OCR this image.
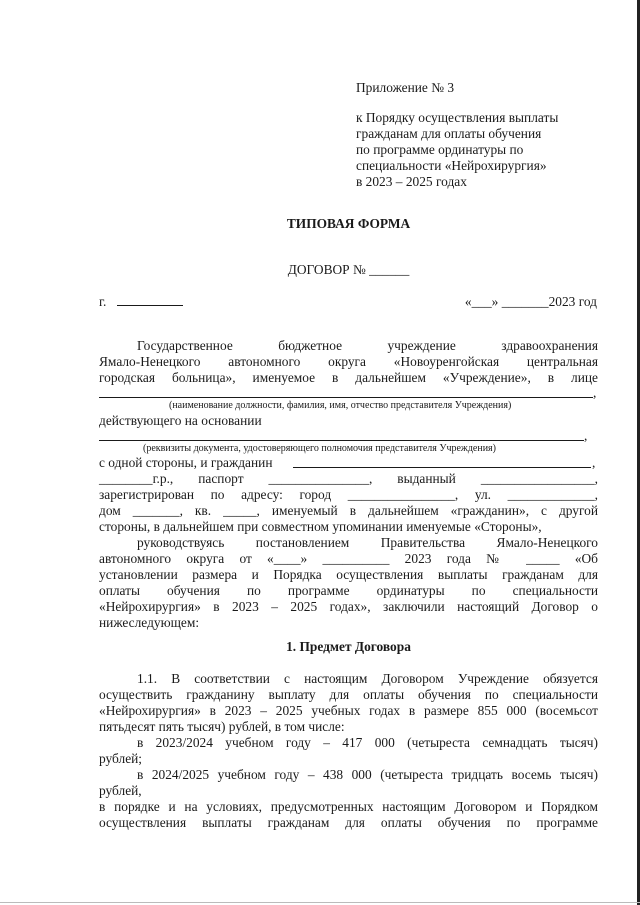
Приложение № 3
к Порядку осуществления выплаты
гражданам для оплаты обучения
по программе ординатуры по
специальности «Нейрохирургия»
в 2023 – 2025 годах
ТИПОВАЯ ФОРМА
ДОГОВОР № ______
г.	«___» _______2023 год
Государственное бюджетное учреждение здравоохранения
Ямало-Ненецкого автономного округа «Новоуренгойская центральная
городская больница», именуемое в дальнейшем «Учреждение», в лице
,
(наименование должности, фамилия, имя, отчество представителя Учреждения)
действующего на основании
,
(реквизиты документа, удостоверяющего полномочия представителя Учреждения)
с одной стороны, и гражданин	,
________г.р., паспорт _______________, выданный _________________,
зарегистрирован по адресу: город ________________, ул. _____________,
дом _______, кв. _____, именуемый в дальнейшем «гражданин», с другой
стороны, в дальнейшем при совместном упоминании именуемые «Стороны»,
руководствуясь постановлением Правительства Ямало-Ненецкого
автономного округа от «____» __________ 2023 года № _____ «Об
установлении размера и Порядка осуществления выплаты гражданам для
оплаты обучения по программе ординатуры по специальности
«Нейрохирургия» в 2023 – 2025 годах», заключили настоящий Договор о
нижеследующем:
1. Предмет Договора
1.1. В соответствии с настоящим Договором Учреждение обязуется
осуществить гражданину выплату для оплаты обучения по специальности
«Нейрохирургия» в 2023 – 2025 учебных годах в размере 855 000 (восемьсот
пятьдесят пять тысяч) рублей, в том числе:
в 2023/2024 учебном году – 417 000 (четыреста семнадцать тысяч)
рублей;
в 2024/2025 учебном году – 438 000 (четыреста тридцать восемь тысяч)
рублей,
в порядке и на условиях, предусмотренных настоящим Договором и Порядком
осуществления выплаты гражданам для оплаты обучения по программе
